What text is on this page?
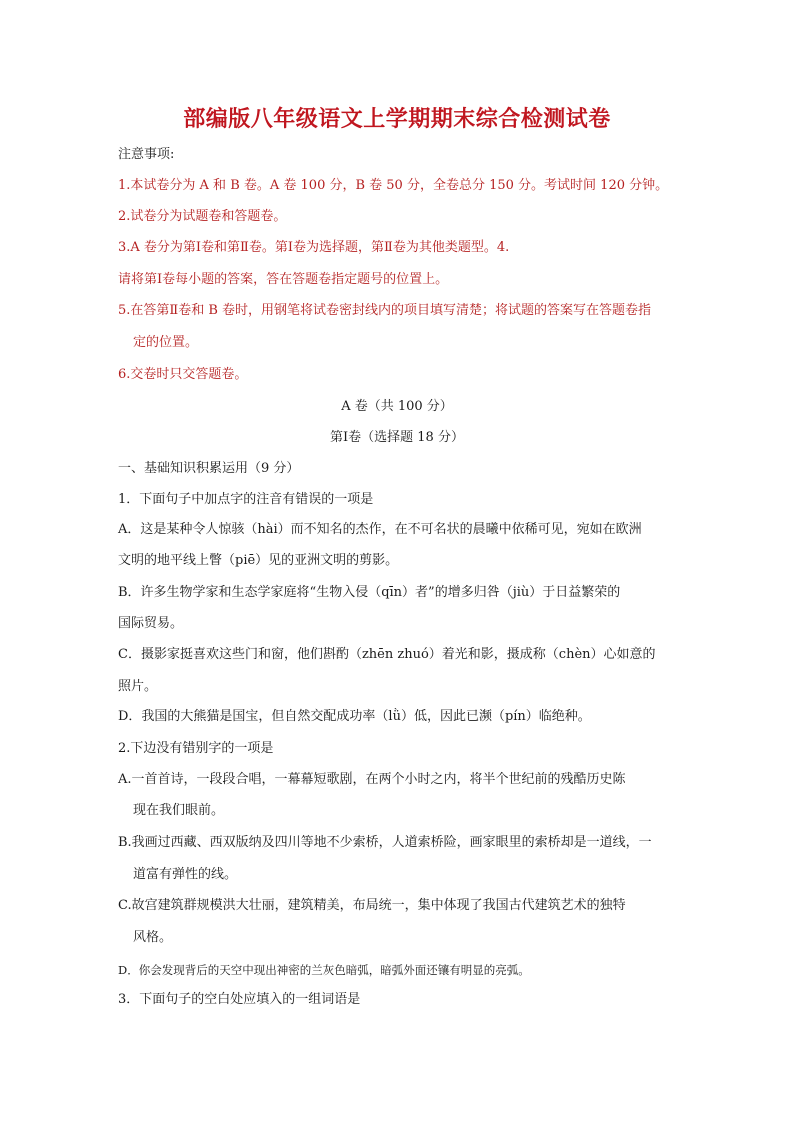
部编版八年级语文上学期期末综合检测试卷
注意事项:
1.本试卷分为 A 和 B 卷。A 卷 100 分，B 卷 50 分，全卷总分 150 分。考试时间 120 分钟。
2.试卷分为试题卷和答题卷。
3.A 卷分为第Ⅰ卷和第Ⅱ卷。第Ⅰ卷为选择题，第Ⅱ卷为其他类题型。4.
请将第Ⅰ卷每小题的答案，答在答题卷指定题号的位置上。
5.在答第Ⅱ卷和 B 卷时，用钢笔将试卷密封线内的项目填写清楚；将试题的答案写在答题卷指
定的位置。
6.交卷时只交答题卷。
A 卷（共 100 分）
第Ⅰ卷（选择题 18 分）
一、基础知识积累运用（9 分）
1．下面句子中加点字的注音有错误的一项是
A．这是某种令人惊骇（hài）而不知名的杰作，在不可名状的晨曦中依稀可见，宛如在欧洲
文明的地平线上瞥（piē）见的亚洲文明的剪影。
B．许多生物学家和生态学家庭将“生物入侵（qīn）者”的增多归咎（jiù）于日益繁荣的
国际贸易。
C．摄影家挺喜欢这些门和窗，他们斟酌（zhēn zhuó）着光和影，摄成称（chèn）心如意的
照片。
D．我国的大熊猫是国宝，但自然交配成功率（lǜ）低，因此已濒（pín）临绝种。
2.下边没有错别字的一项是
A.一首首诗，一段段合唱，一幕幕短歌剧，在两个小时之内，将半个世纪前的残酷历史陈
现在我们眼前。
B.我画过西藏、西双版纳及四川等地不少索桥，人道索桥险，画家眼里的索桥却是一道线，一
道富有弹性的线。
C.故宫建筑群规模洪大壮丽，建筑精美，布局统一，集中体现了我国古代建筑艺术的独特
风格。
D．你会发现背后的天空中现出神密的兰灰色暗弧，暗弧外面还镶有明显的亮弧。
3．下面句子的空白处应填入的一组词语是
